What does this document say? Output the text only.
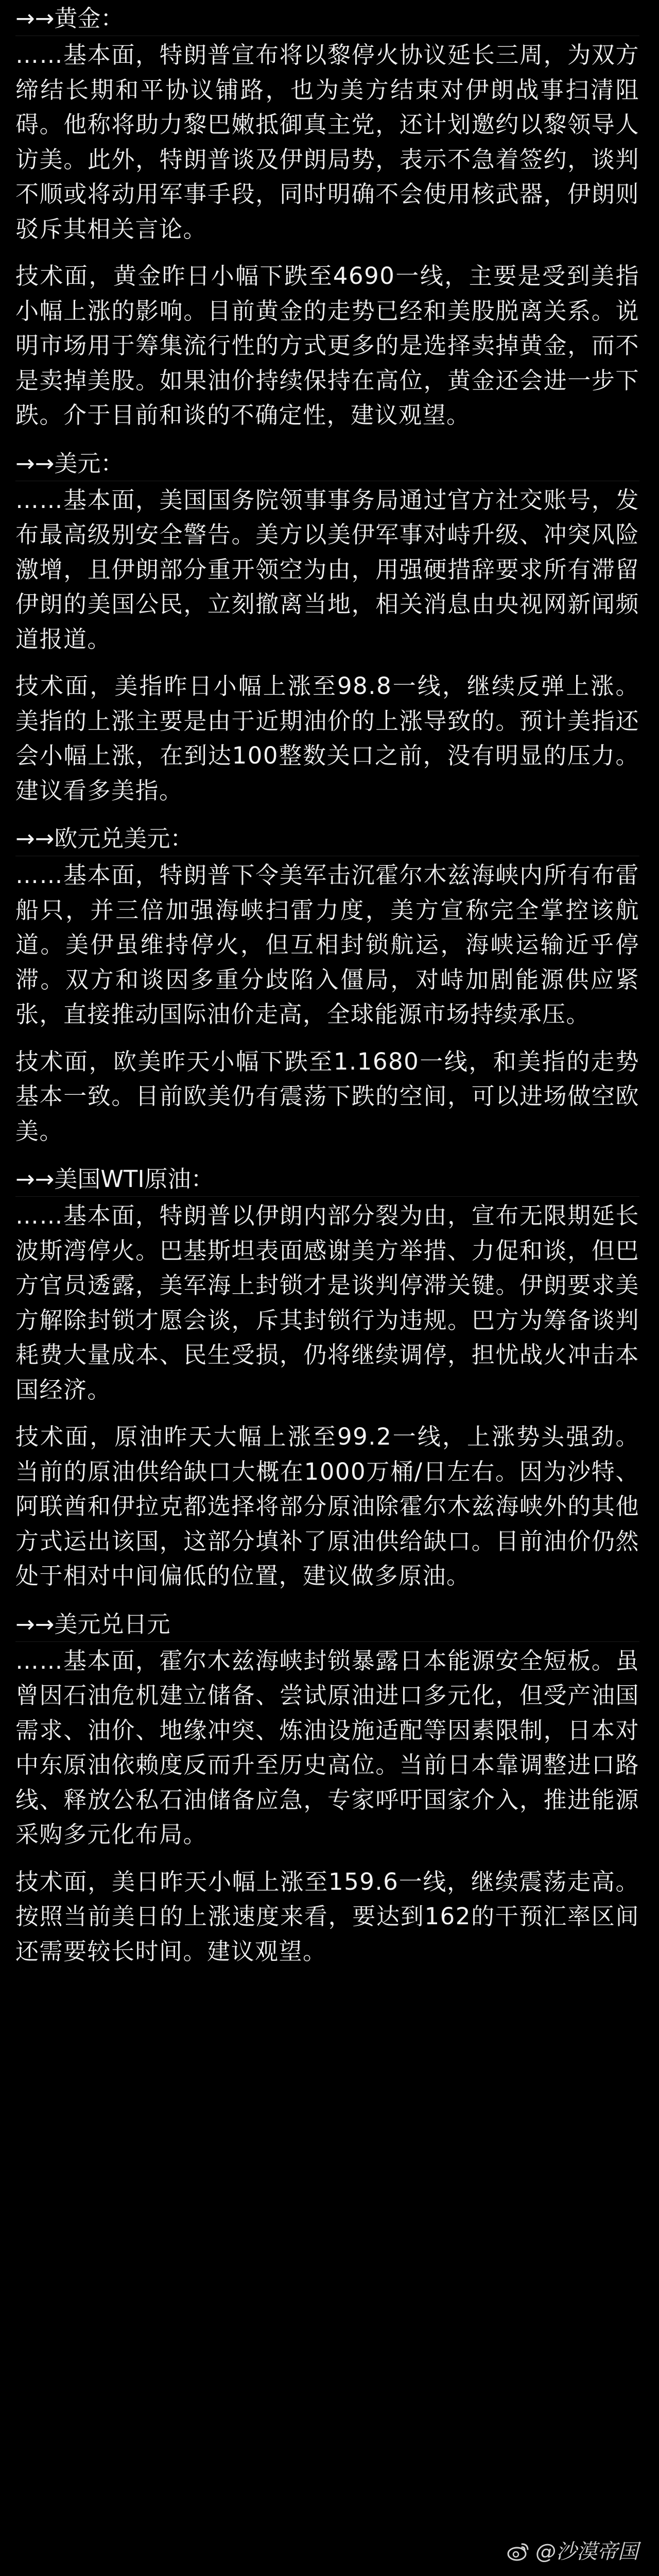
→→黄金：

……基本面，特朗普宣布将以黎停火协议延长三周，为双方缔结长期和平协议铺路，也为美方结束对伊朗战事扫清阻碍。他称将助力黎巴嫩抵御真主党，还计划邀约以黎领导人访美。此外，特朗普谈及伊朗局势，表示不急着签约，谈判不顺或将动用军事手段，同时明确不会使用核武器，伊朗则驳斥其相关言论。

技术面，黄金昨日小幅下跌至4690一线，主要是受到美指小幅上涨的影响。目前黄金的走势已经和美股脱离关系。说明市场用于筹集流行性的方式更多的是选择卖掉黄金，而不是卖掉美股。如果油价持续保持在高位，黄金还会进一步下跌。介于目前和谈的不确定性，建议观望。

→→美元：

……基本面，美国国务院领事事务局通过官方社交账号，发布最高级别安全警告。美方以美伊军事对峙升级、冲突风险激增，且伊朗部分重开领空为由，用强硬措辞要求所有滞留伊朗的美国公民，立刻撤离当地，相关消息由央视网新闻频道报道。

技术面，美指昨日小幅上涨至98.8一线，继续反弹上涨。美指的上涨主要是由于近期油价的上涨导致的。预计美指还会小幅上涨，在到达100整数关口之前，没有明显的压力。建议看多美指。

→→欧元兑美元：

……基本面，特朗普下令美军击沉霍尔木兹海峡内所有布雷船只，并三倍加强海峡扫雷力度，美方宣称完全掌控该航道。美伊虽维持停火，但互相封锁航运，海峡运输近乎停滞。双方和谈因多重分歧陷入僵局，对峙加剧能源供应紧张，直接推动国际油价走高，全球能源市场持续承压。

技术面，欧美昨天小幅下跌至1.1680一线，和美指的走势基本一致。目前欧美仍有震荡下跌的空间，可以进场做空欧美。

→→美国WTI原油：

……基本面，特朗普以伊朗内部分裂为由，宣布无限期延长波斯湾停火。巴基斯坦表面感谢美方举措、力促和谈，但巴方官员透露，美军海上封锁才是谈判停滞关键。伊朗要求美方解除封锁才愿会谈，斥其封锁行为违规。巴方为筹备谈判耗费大量成本、民生受损，仍将继续调停，担忧战火冲击本国经济。

技术面，原油昨天大幅上涨至99.2一线，上涨势头强劲。当前的原油供给缺口大概在1000万桶/日左右。因为沙特、阿联酋和伊拉克都选择将部分原油除霍尔木兹海峡外的其他方式运出该国，这部分填补了原油供给缺口。目前油价仍然处于相对中间偏低的位置，建议做多原油。

→→美元兑日元

……基本面，霍尔木兹海峡封锁暴露日本能源安全短板。虽曾因石油危机建立储备、尝试原油进口多元化，但受产油国需求、油价、地缘冲突、炼油设施适配等因素限制，日本对中东原油依赖度反而升至历史高位。当前日本靠调整进口路线、释放公私石油储备应急，专家呼吁国家介入，推进能源采购多元化布局。

技术面，美日昨天小幅上涨至159.6一线，继续震荡走高。按照当前美日的上涨速度来看，要达到162的干预汇率区间还需要较长时间。建议观望。

@沙漠帝国
